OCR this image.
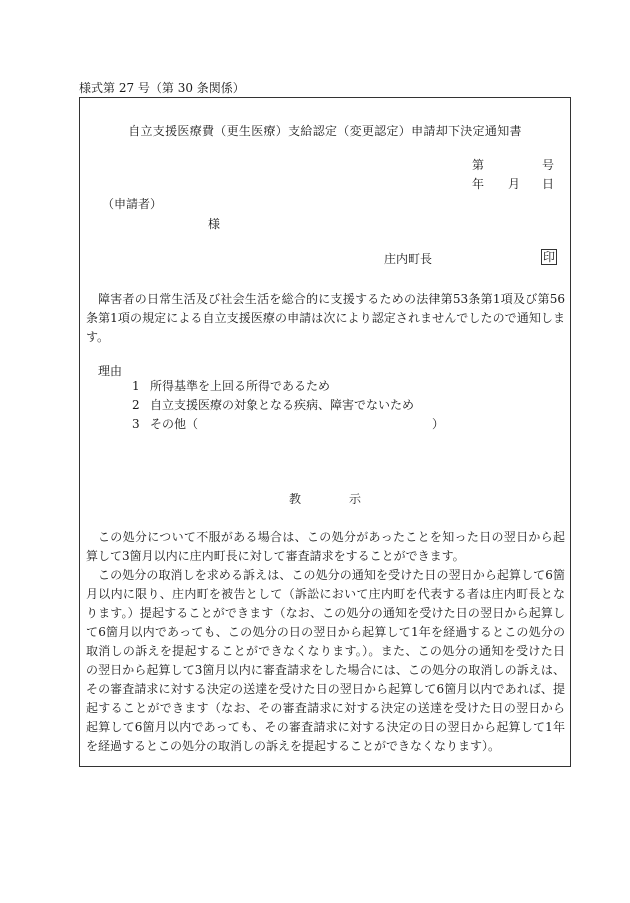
様式第 27 号（第 30 条関係）
自立支援医療費（更生医療）支給認定（変更認定）申請却下決定通知書
第	号
年 月 日
（申請者）
様
庄内町長	印

障害者の日常生活及び社会生活を総合的に支援するための法律第53条第1項及び第56条第1項の規定による自立支援医療の申請は次により認定されませんでしたので通知します。

理由
1 所得基準を上回る所得であるため
2 自立支援医療の対象となる疾病、障害でないため
3 その他（	）
教示

この処分について不服がある場合は、この処分があったことを知った日の翌日から起算して3箇月以内に庄内町長に対して審査請求をすることができます。

この処分の取消しを求める訴えは、この処分の通知を受けた日の翌日から起算して6箇月以内に限り、庄内町を被告として（訴訟において庄内町を代表する者は庄内町長となります。）提起することができます（なお、この処分の通知を受けた日の翌日から起算して6箇月以内であっても、この処分の日の翌日から起算して1年を経過するとこの処分の取消しの訴えを提起することができなくなります。）。また、この処分の通知を受けた日の翌日から起算して3箇月以内に審査請求をした場合には、この処分の取消しの訴えは、その審査請求に対する決定の送達を受けた日の翌日から起算して6箇月以内であれば、提起することができます（なお、その審査請求に対する決定の送達を受けた日の翌日から起算して6箇月以内であっても、その審査請求に対する決定の日の翌日から起算して1年を経過するとこの処分の取消しの訴えを提起することができなくなります）。
